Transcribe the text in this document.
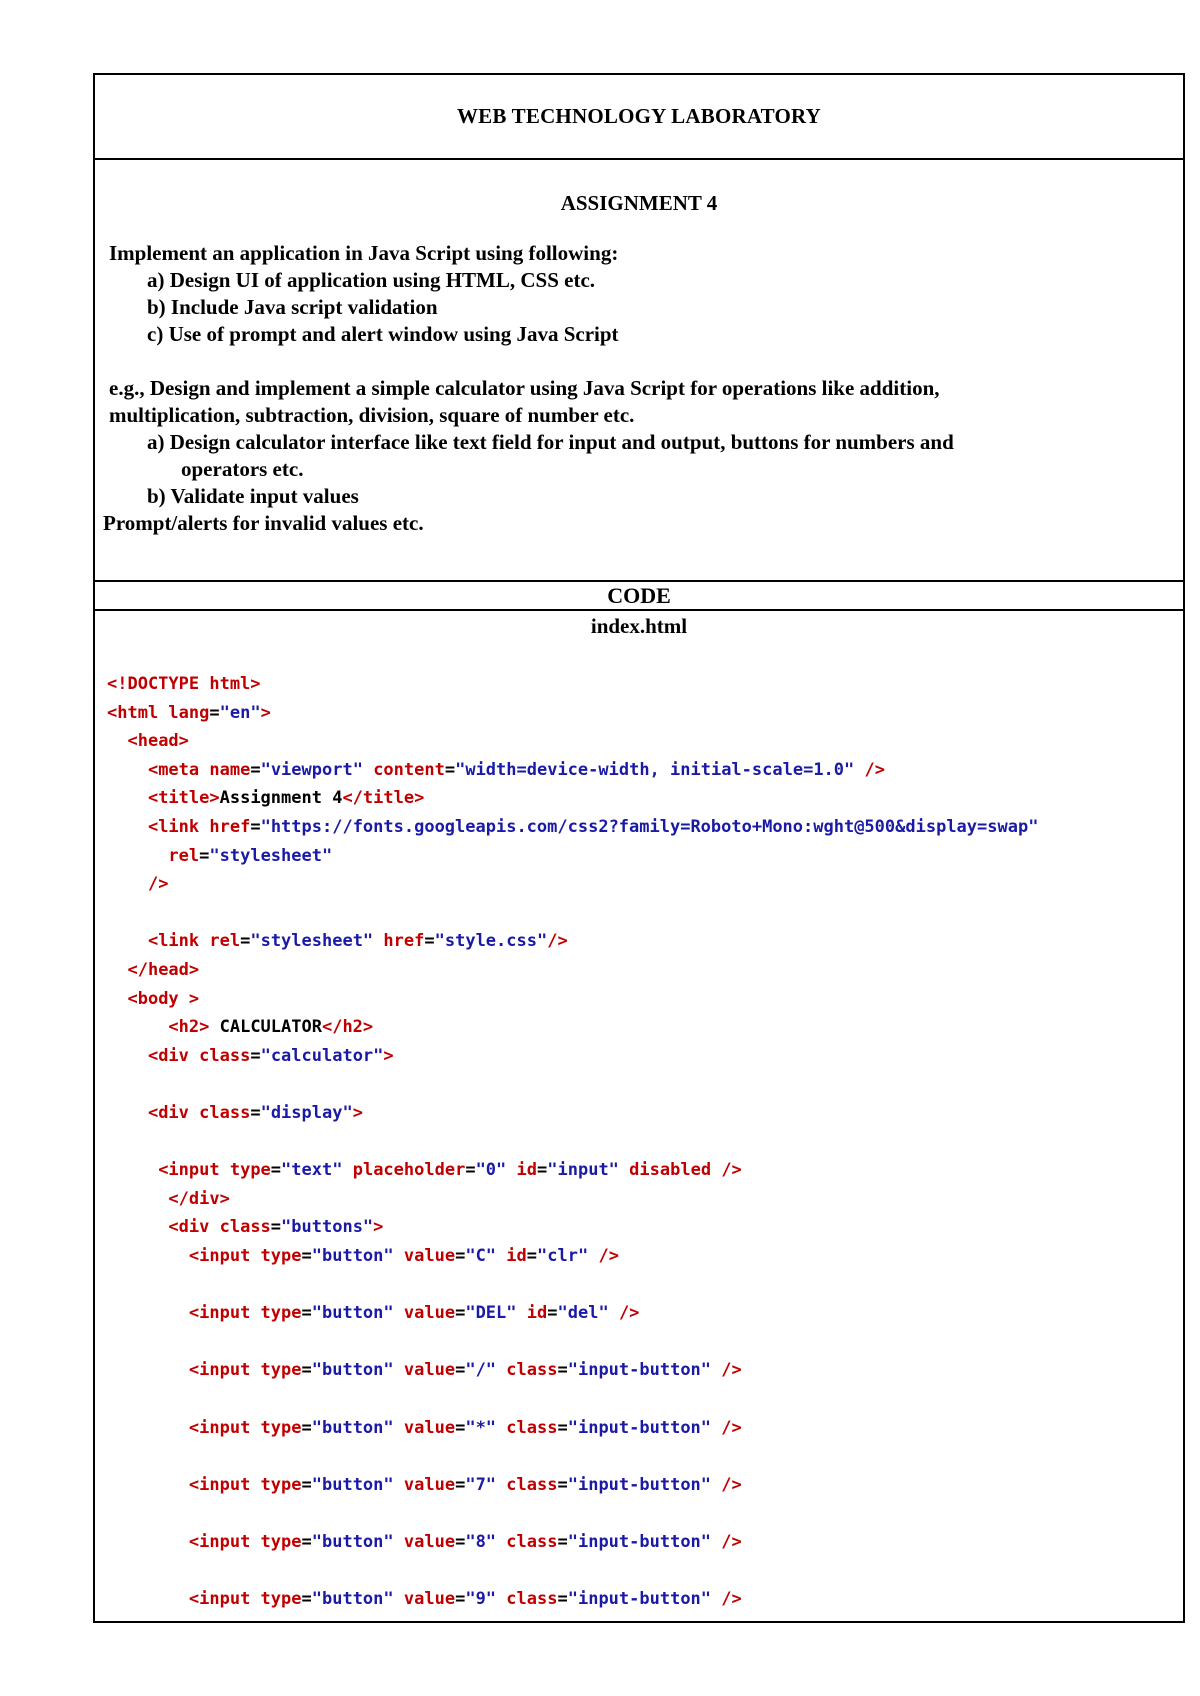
WEB TECHNOLOGY LABORATORY
ASSIGNMENT 4
Implement an application in Java Script using following:
a) Design UI of application using HTML, CSS etc.
b) Include Java script validation
c) Use of prompt and alert window using Java Script
e.g., Design and implement a simple calculator using Java Script for operations like addition,
multiplication, subtraction, division, square of number etc.
a) Design calculator interface like text field for input and output, buttons for numbers and
operators etc.
b) Validate input values
Prompt/alerts for invalid values etc.
CODE
index.html
<!DOCTYPE html>
<html lang="en">
<head>
<meta name="viewport" content="width=device-width, initial-scale=1.0" />
<title>Assignment 4</title>
<link href="https://fonts.googleapis.com/css2?family=Roboto+Mono:wght@500&display=swap"
rel="stylesheet"
/>
<link rel="stylesheet" href="style.css"/>
</head>
<body >
<h2> CALCULATOR</h2>
<div class="calculator">
<div class="display">
<input type="text" placeholder="0" id="input" disabled />
</div>
<div class="buttons">
<input type="button" value="C" id="clr" />
<input type="button" value="DEL" id="del" />
<input type="button" value="/" class="input-button" />
<input type="button" value="*" class="input-button" />
<input type="button" value="7" class="input-button" />
<input type="button" value="8" class="input-button" />
<input type="button" value="9" class="input-button" />
